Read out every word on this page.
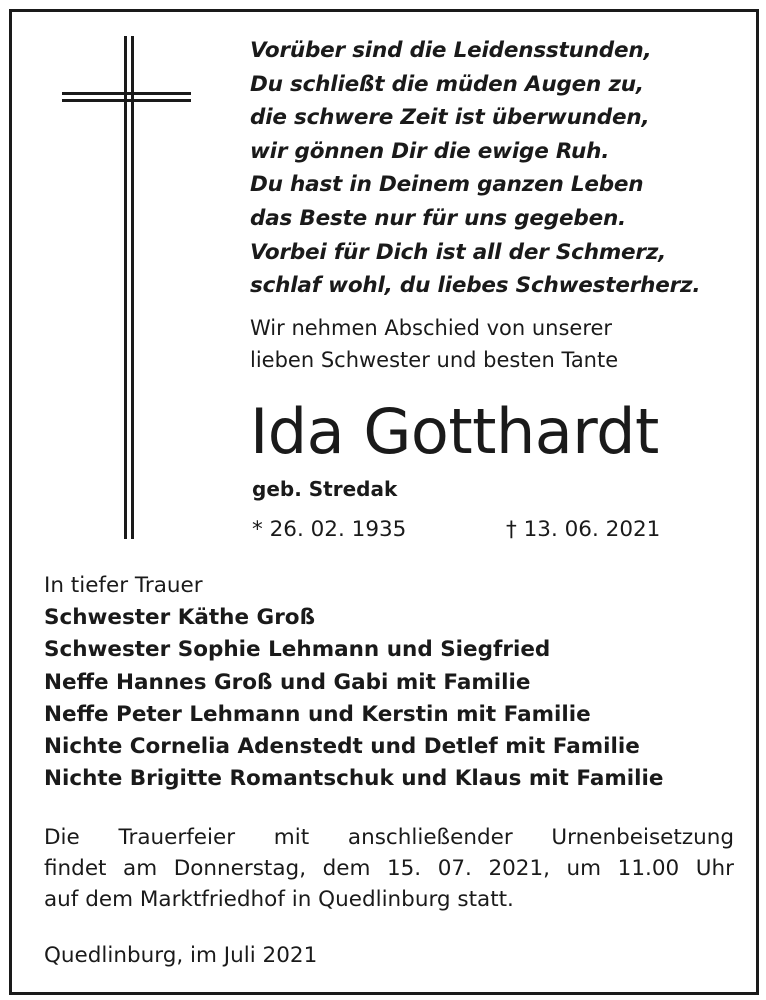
Vorüber sind die Leidensstunden,
Du schließt die müden Augen zu,
die schwere Zeit ist überwunden,
wir gönnen Dir die ewige Ruh.
Du hast in Deinem ganzen Leben
das Beste nur für uns gegeben.
Vorbei für Dich ist all der Schmerz,
schlaf wohl, du liebes Schwesterherz.
Wir nehmen Abschied von unserer
lieben Schwester und besten Tante
Ida Gotthardt
geb. Stredak
* 26. 02. 1935	† 13. 06. 2021
In tiefer Trauer
Schwester Käthe Groß
Schwester Sophie Lehmann und Siegfried
Neffe Hannes Groß und Gabi mit Familie
Neffe Peter Lehmann und Kerstin mit Familie
Nichte Cornelia Adenstedt und Detlef mit Familie
Nichte Brigitte Romantschuk und Klaus mit Familie
Die Trauerfeier mit anschließender Urnenbeisetzung
findet am Donnerstag, dem 15. 07. 2021, um 11.00 Uhr
auf dem Marktfriedhof in Quedlinburg statt.
Quedlinburg, im Juli 2021
